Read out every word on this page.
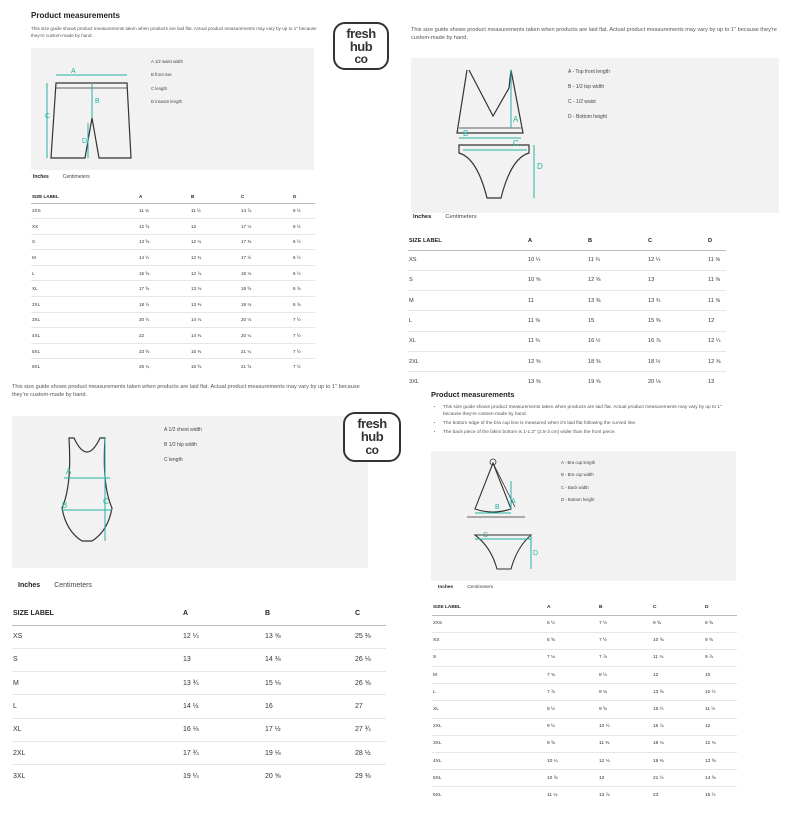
Product measurements
This size guide shows product measurements taken when products are laid flat. Actual product measurements may vary by up to 1" because they're custom-made by hand.
A
B
C
D
A 1/2 waist width
B front rise
C length
D inseam length
Inches	Centimeters
SIZE LABEL	A	B	C	D
2XS	11 ¾	11 ½	14 ⅞	6 ½
XS	12 ⅝	12	17 ⅛	6 ½
S	13 ⅝	12 ¼	17 ⅜	6 ½
M	14 ½	12 ¾	17 ½	6 ½
L	15 ⅝	12 ⅞	18 ⅛	6 ½
XL	17 ⅝	13 ⅛	18 ⅝	6 ⅝
2XL	18 ½	13 ⅜	19 ⅛	6 ⅝
3XL	20 ½	14 ⅛	20 ⅛	7 ½
4XL	22	14 ⅜	20 ¼	7 ½
5XL	23 ⅝	15 ⅜	21 ¼	7 ½
6XL	25 ¼	15 ⅝	21 ⅝	7 ½
fresh
hub
co
This size guide shows product measurements taken when products are laid flat. Actual product measurements may vary by up to 1" because they're custom-made by hand.
A
B
C
D
A - Top front length
B - 1/2 top width
C - 1/2 waist
D - Bottom height
Inches Centimeters
SIZE LABEL	A	B	C	D
XS	10 ¼	11 ¾	12 ¼	11 ⅝
S	10 ⅝	12 ⅝	13	11 ⅝
M	11	13 ⅜	13 ¾	11 ⅝
L	11 ⅜	15	15 ⅜	12
XL	11 ¾	16 ½	16 ⅞	12 ¼
2XL	12 ⅝	18 ⅜	18 ½	12 ⅝
3XL	13 ⅝	19 ⅝	20 ⅛	13
This size guide shows product measurements taken when products are laid flat. Actual product measurements may vary by up to 1" because they're custom-made by hand.
A
B	C
A 1/2 chest width
B 1/2 hip width
C length
Inches Centimeters
SIZE LABEL	A	B	C
XS	12 ¼	13 ⅝	25 ⅜
S	13	14 ⅜	26 ⅛
M	13 ¾	15 ⅛	26 ⅝
L	14 ½	16	27
XL	16 ⅛	17 ½	27 ¾
2XL	17 ¾	19 ⅛	28 ½
3XL	19 ¼	20 ⅝	29 ⅜
fresh
hub
co
Product measurements
• This size guide shows product measurements taken when products are laid flat. Actual product measurements may vary by up to 1" because they're custom-made by hand.
• The bottom edge of the bra cup line is measured when it's laid flat following the curved line.
• The back piece of the bikini bottom is 1-1.2" (2.5-3 cm) wider than the front piece.
A
B
C
D
A - Bra cup length
B - Bra cup width
C - Back width
D - Bottom height
Inches	Centimeters
SIZE LABEL	A	B	C	D
2XS	6 ½	7 ½	9 ⅝	8 ⅝
XS	6 ⅝	7 ½	10 ⅝	9 ⅝
S	7 ⅛	7 ⅞	11 ⅛	9 ⅞
M	7 ¾	8 ½	12	10
L	7 ⅞	9 ⅛	13 ⅝	10 ½
XL	8 ½	9 ⅝	15 ½	11 ½
2XL	9 ½	10 ½	16 ⅞	12
3XL	9 ⅝	11 ⅜	18 ⅛	12 ¾
4XL	10 ¼	12 ⅛	19 ⅜	13 ⅝
5XL	10 ⅝	13	21 ½	14 ⅝
6XL	11 ⅛	13 ⅞	23	15 ½
